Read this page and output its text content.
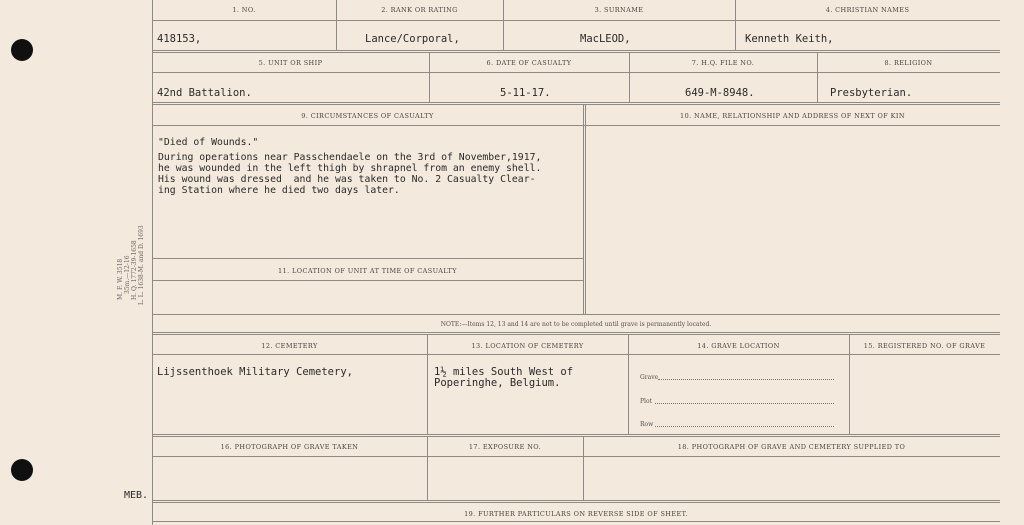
M. F. W. 3518 35m.—12-16 H. Q. 1772-39-1658 L. L. 1638-M. and D. 1693
MEB.
1. NO.	2. RANK OR RATING	3. SURNAME	4. CHRISTIAN NAMES
418153,	Lance/Corporal,	MacLEOD,	Kenneth Keith,
5. UNIT OR SHIP	6. DATE OF CASUALTY	7. H.Q. FILE NO.	8. RELIGION
42nd Battalion.	5-11-17.	649-M-8948.	Presbyterian.
9. CIRCUMSTANCES OF CASUALTY	10. NAME, RELATIONSHIP AND ADDRESS OF NEXT OF KIN
"Died of Wounds."
During operations near Passchendaele on the 3rd of November,1917,
he was wounded in the left thigh by shrapnel from an enemy shell.
His wound was dressed  and he was taken to No. 2 Casualty Clear-
ing Station where he died two days later.
11. LOCATION OF UNIT AT TIME OF CASUALTY
NOTE:—Items 12, 13 and 14 are not to be completed until grave is permanently located.
12. CEMETERY	13. LOCATION OF CEMETERY	14. GRAVE LOCATION	15. REGISTERED NO. OF GRAVE
Lijssenthoek Military Cemetery,	1½ miles South West of
Poperinghe, Belgium.	Grave
Plot
Row
16. PHOTOGRAPH OF GRAVE TAKEN	17. EXPOSURE NO.	18. PHOTOGRAPH OF GRAVE AND CEMETERY SUPPLIED TO
19. FURTHER PARTICULARS ON REVERSE SIDE OF SHEET.
